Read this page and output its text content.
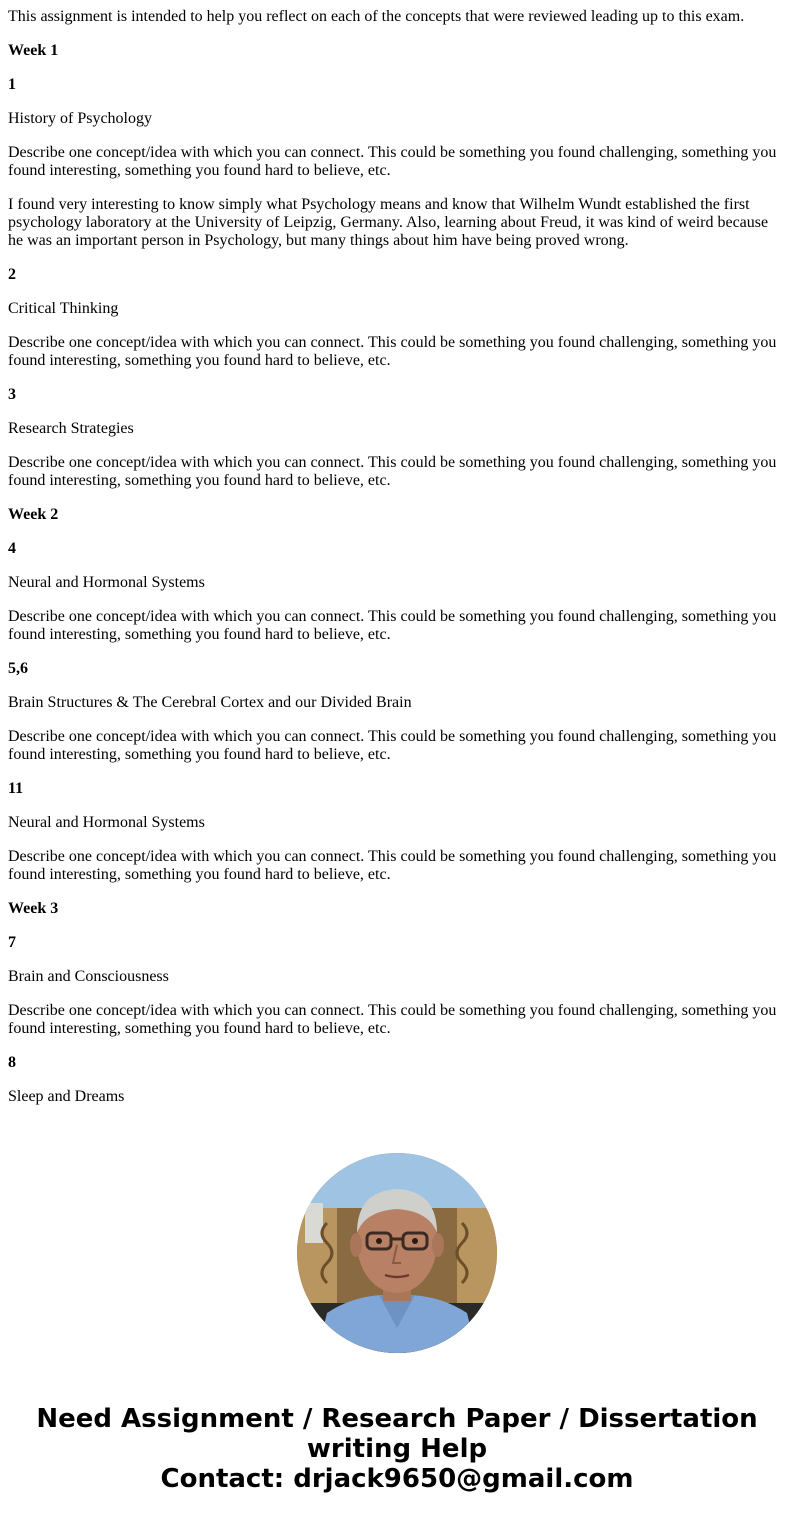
This assignment is intended to help you reflect on each of the concepts that were reviewed leading up to this exam.

Week 1

1

History of Psychology

Describe one concept/idea with which you can connect. This could be something you found challenging, something you found interesting, something you found hard to believe, etc.

I found very interesting to know simply what Psychology means and know that Wilhelm Wundt established the first psychology laboratory at the University of Leipzig, Germany. Also, learning about Freud, it was kind of weird because he was an important person in Psychology, but many things about him have being proved wrong.

2

Critical Thinking

Describe one concept/idea with which you can connect. This could be something you found challenging, something you found interesting, something you found hard to believe, etc.

3

Research Strategies

Describe one concept/idea with which you can connect. This could be something you found challenging, something you found interesting, something you found hard to believe, etc.

Week 2

4

Neural and Hormonal Systems

Describe one concept/idea with which you can connect. This could be something you found challenging, something you found interesting, something you found hard to believe, etc.

5,6

Brain Structures & The Cerebral Cortex and our Divided Brain

Describe one concept/idea with which you can connect. This could be something you found challenging, something you found interesting, something you found hard to believe, etc.

11

Neural and Hormonal Systems

Describe one concept/idea with which you can connect. This could be something you found challenging, something you found interesting, something you found hard to believe, etc.

Week 3

7

Brain and Consciousness

Describe one concept/idea with which you can connect. This could be something you found challenging, something you found interesting, something you found hard to believe, etc.

8

Sleep and Dreams

Need Assignment / Research Paper / Dissertation
writing Help
Contact: drjack9650@gmail.com
